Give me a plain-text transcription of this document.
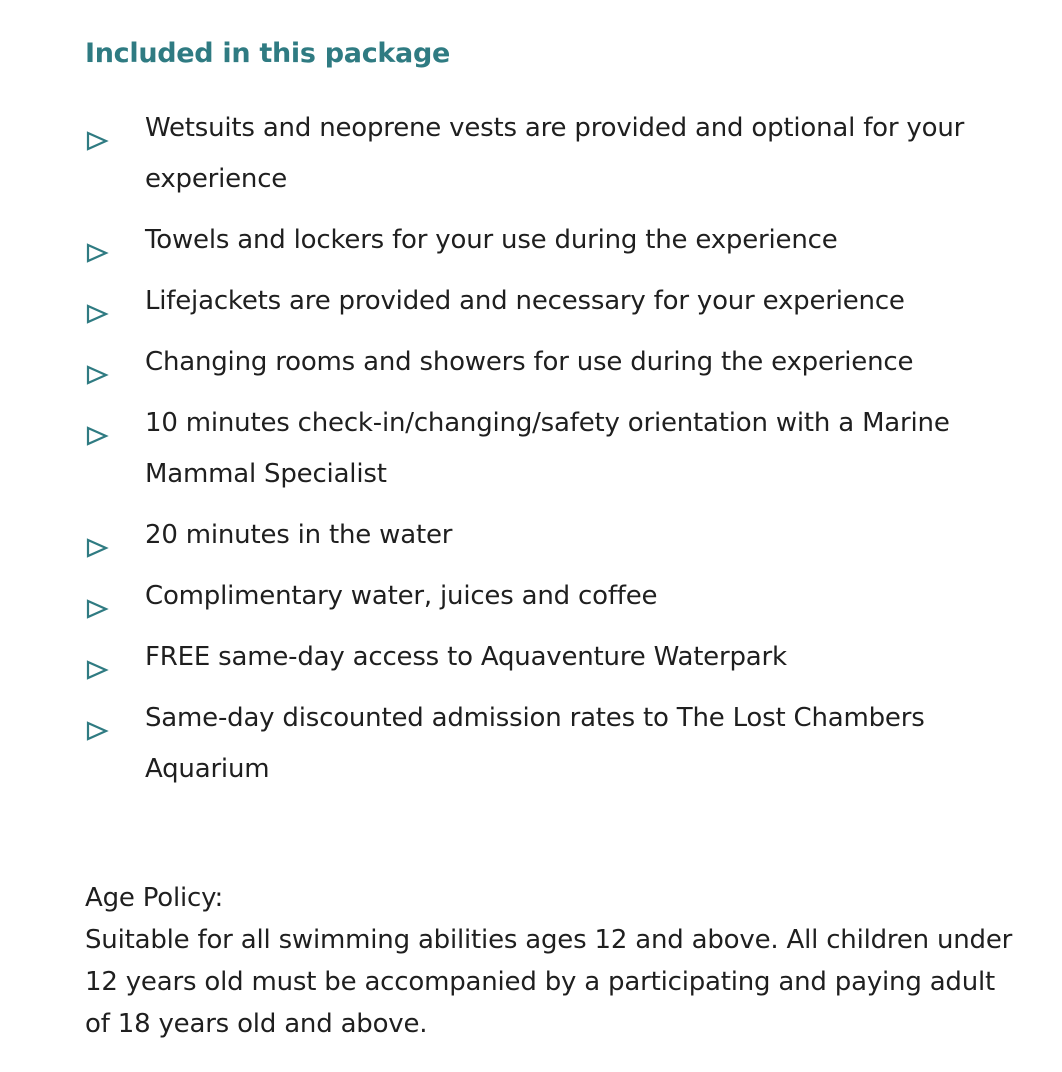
Included in this package
Wetsuits and neoprene vests are provided and optional for your experience
Towels and lockers for your use during the experience
Lifejackets are provided and necessary for your experience
Changing rooms and showers for use during the experience
10 minutes check-in/changing/safety orientation with a Marine Mammal Specialist
20 minutes in the water
Complimentary water, juices and coffee
FREE same-day access to Aquaventure Waterpark
Same-day discounted admission rates to The Lost Chambers Aquarium
Age Policy:
Suitable for all swimming abilities ages 12 and above. All children under 12 years old must be accompanied by a participating and paying adult of 18 years old and above.
